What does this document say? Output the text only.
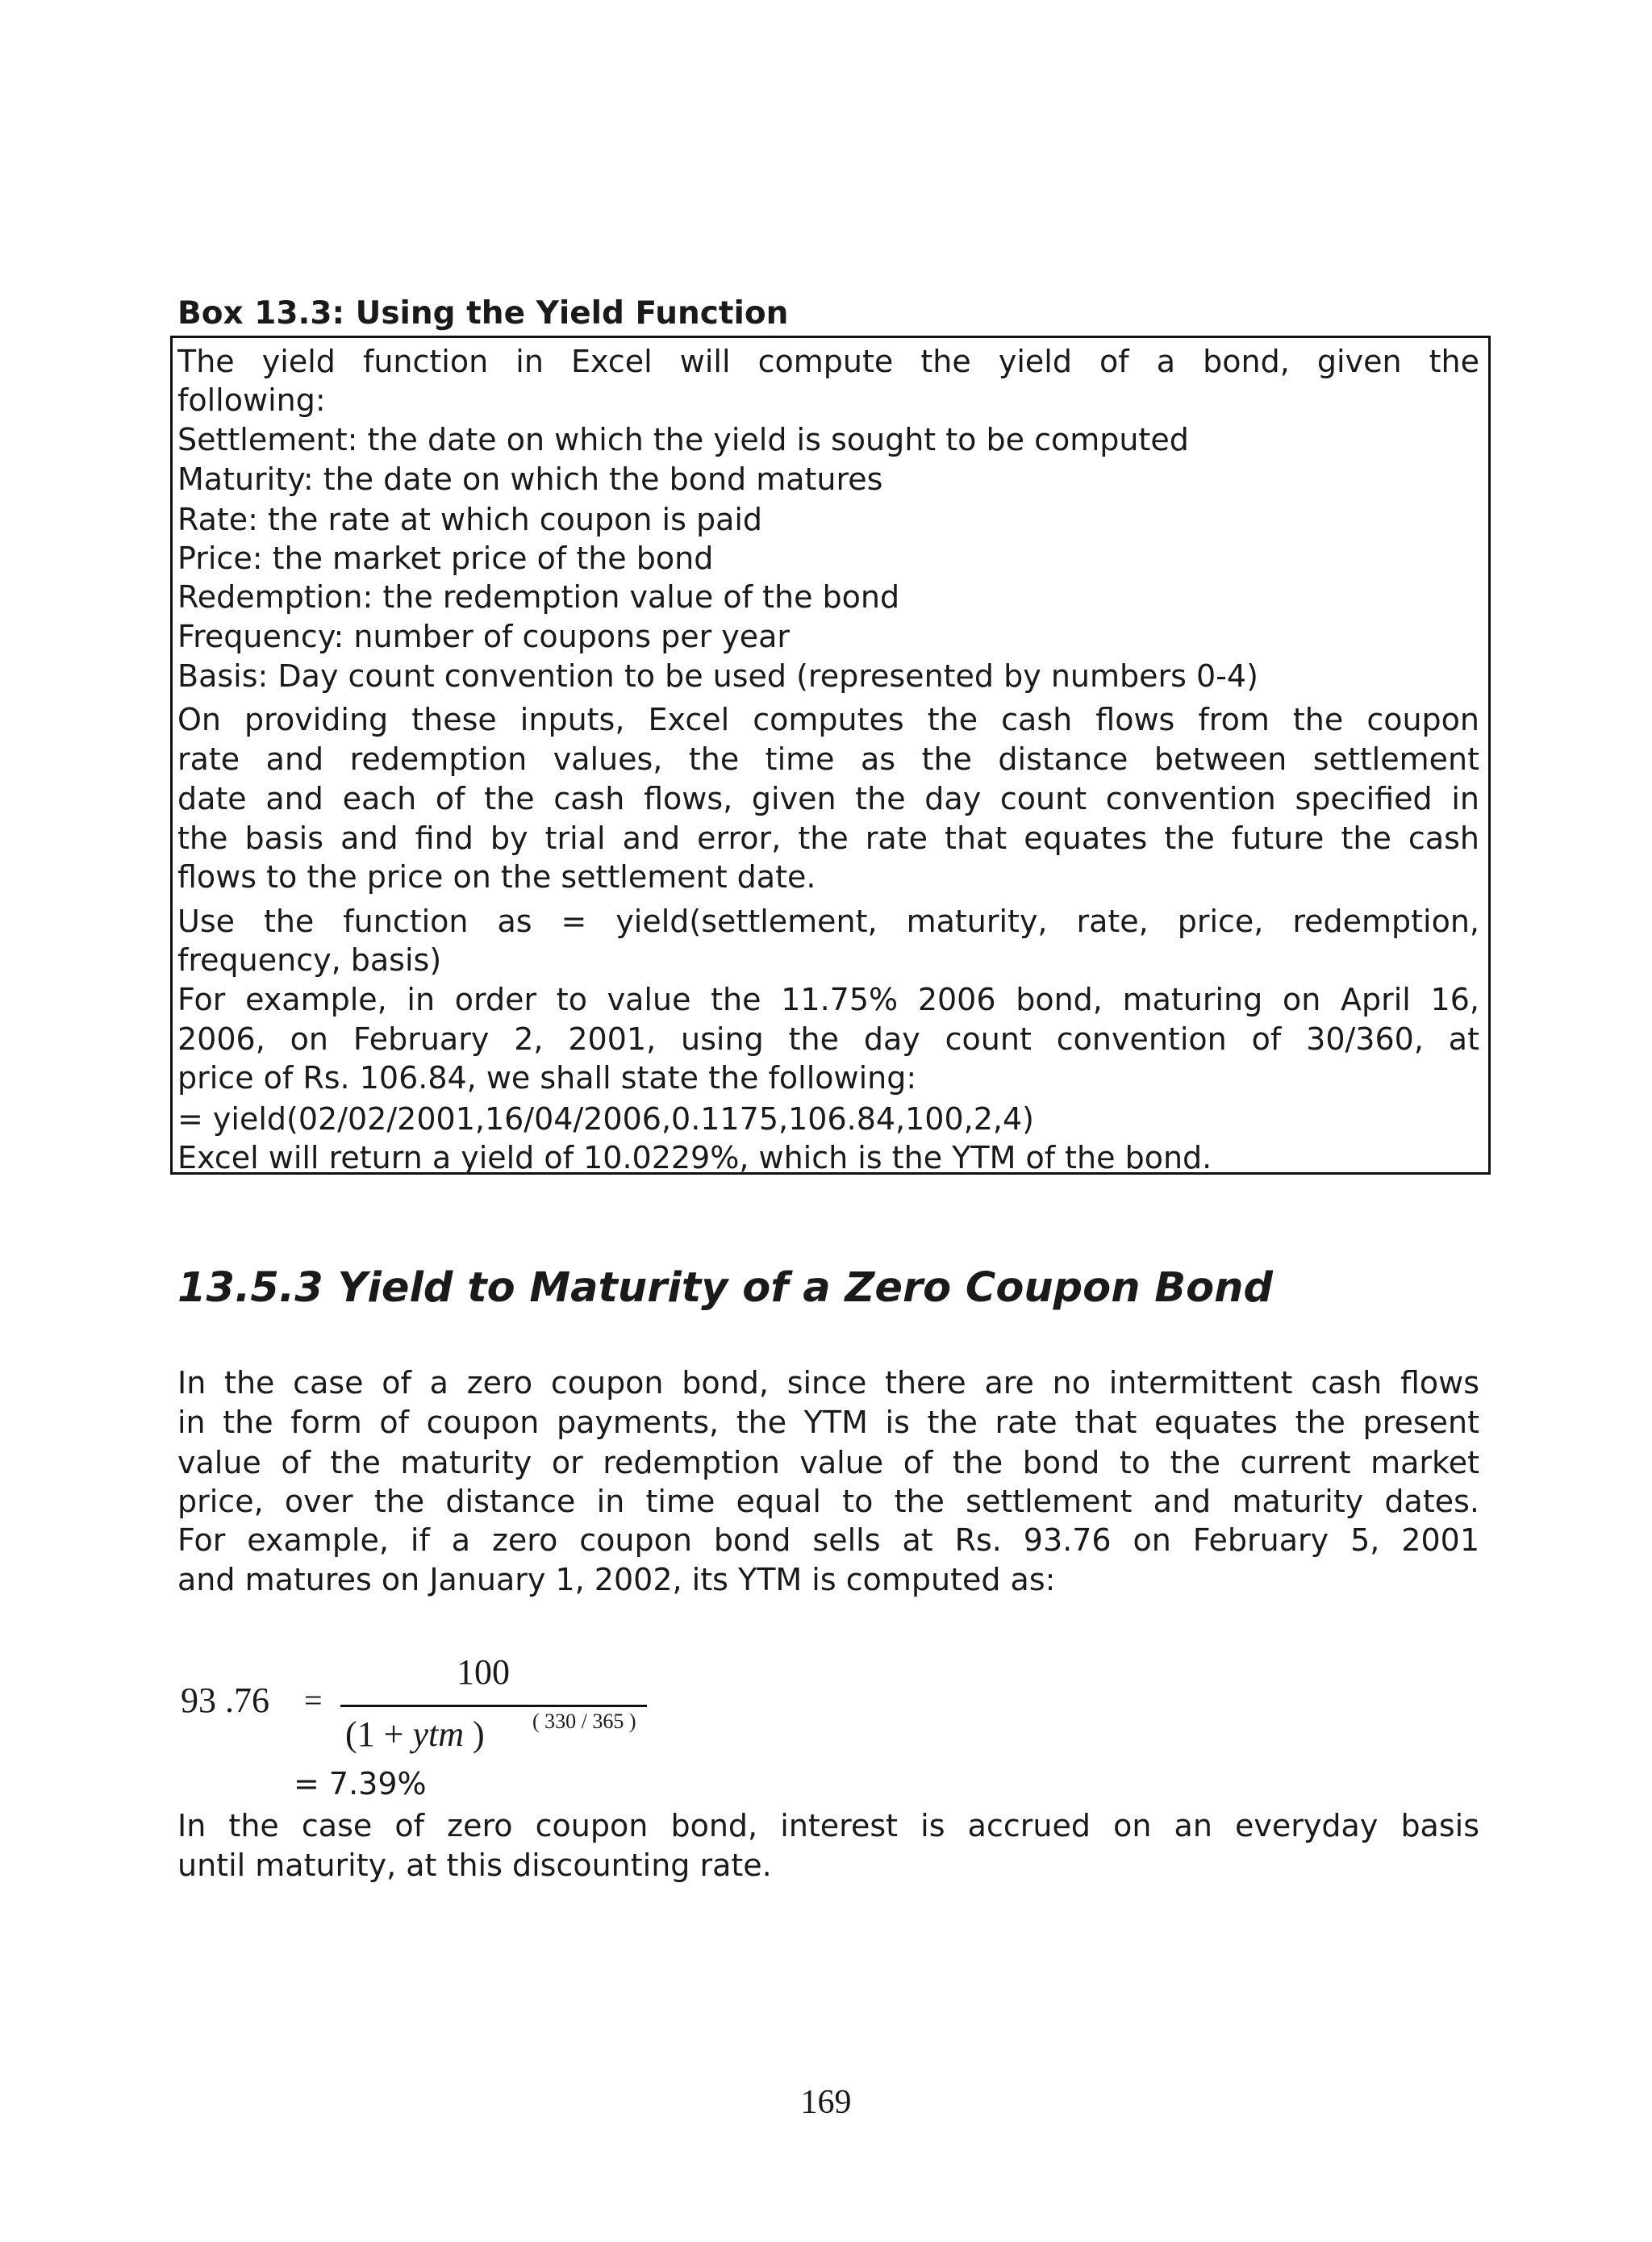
Box 13.3: Using the Yield Function
The yield function in Excel will compute the yield of a bond, given the
following:
Settlement: the date on which the yield is sought to be computed
Maturity: the date on which the bond matures
Rate: the rate at which coupon is paid
Price: the market price of the bond
Redemption: the redemption value of the bond
Frequency: number of coupons per year
Basis: Day count convention to be used (represented by numbers 0-4)
On providing these inputs, Excel computes the cash flows from the coupon
rate and redemption values, the time as the distance between settlement
date and each of the cash flows, given the day count convention specified in
the basis and find by trial and error, the rate that equates the future the cash
flows to the price on the settlement date.
Use the function as = yield(settlement, maturity, rate, price, redemption,
frequency, basis)
For example, in order to value the 11.75% 2006 bond, maturing on April 16,
2006, on February 2, 2001, using the day count convention of 30/360, at
price of Rs. 106.84, we shall state the following:
= yield(02/02/2001,16/04/2006,0.1175,106.84,100,2,4)
Excel will return a yield of 10.0229%, which is the YTM of the bond.
13.5.3 Yield to Maturity of a Zero Coupon Bond
In the case of a zero coupon bond, since there are no intermittent cash flows
in the form of coupon payments, the YTM is the rate that equates the present
value of the maturity or redemption value of the bond to the current market
price, over the distance in time equal to the settlement and maturity dates.
For example, if a zero coupon bond sells at Rs. 93.76 on February 5, 2001
and matures on January 1, 2002, its YTM is computed as:
93 .76 =
100
(1 + ytm ) ( 330 / 365 )
= 7.39%
In the case of zero coupon bond, interest is accrued on an everyday basis
until maturity, at this discounting rate.
169
